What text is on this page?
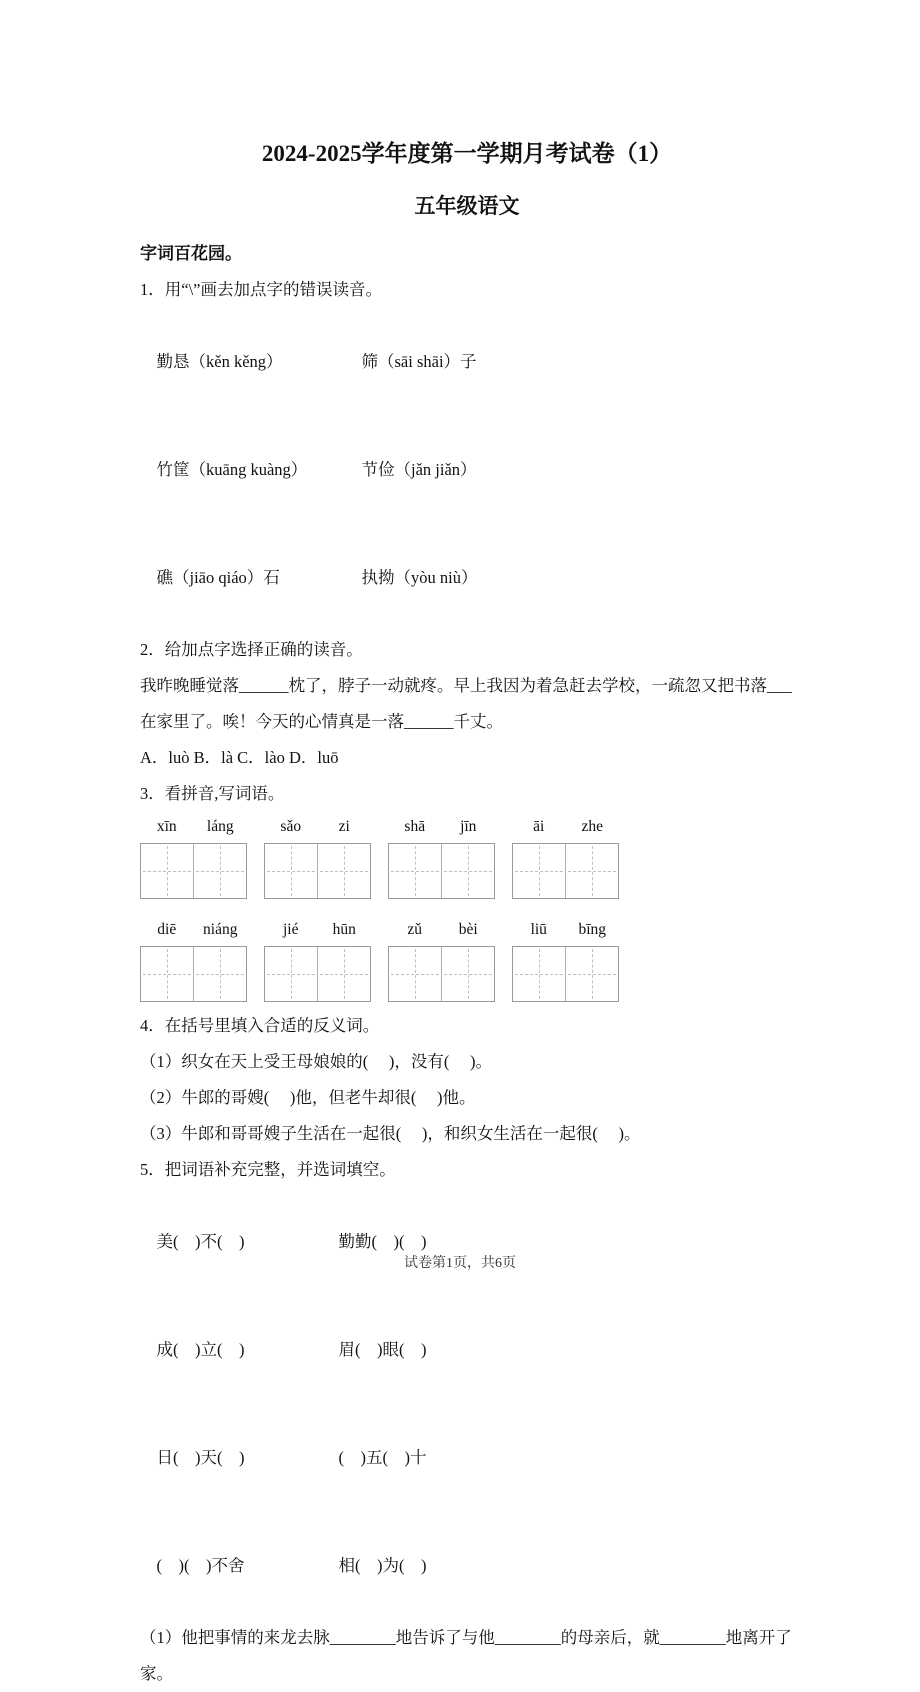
2024-2025学年度第一学期月考试卷（1）
五年级语文

字词百花园。

1．用“\”画去加点字的错误读音。

勤恳（kěn kěng）	筛（sāi shāi）子

竹筐（kuāng kuàng）	节俭（jǎn jiǎn）

礁（jiāo qiáo）石	执拗（yòu niù）

2．给加点字选择正确的读音。

我昨晚睡觉落______枕了，脖子一动就疼。早上我因为着急赶去学校，一疏忽又把书落___

在家里了。唉！今天的心情真是一落______千丈。

A．luò B．là C．lào D．luō

3．看拼音,写词语。

xīn	láng	sǎo	zi	shā	jīn	āi	zhe
diē	niáng	jié	hūn	zǔ	bèi	liū	bīng

4．在括号里填入合适的反义词。

（1）织女在天上受王母娘娘的(     )，没有(     )。

（2）牛郎的哥嫂(     )他，但老牛却很(     )他。

（3）牛郎和哥哥嫂子生活在一起很(     )，和织女生活在一起很(     )。

5．把词语补充完整，并选词填空。

美(    )不(    )	勤勤(    )(    )

成(    )立(    )	眉(    )眼(    )

日(    )天(    )	(    )五(    )十

(    )(    )不舍	相(    )为(    )

（1）他把事情的来龙去脉________地告诉了与他________的母亲后，就________地离开了

家。

试卷第1页，共6页
